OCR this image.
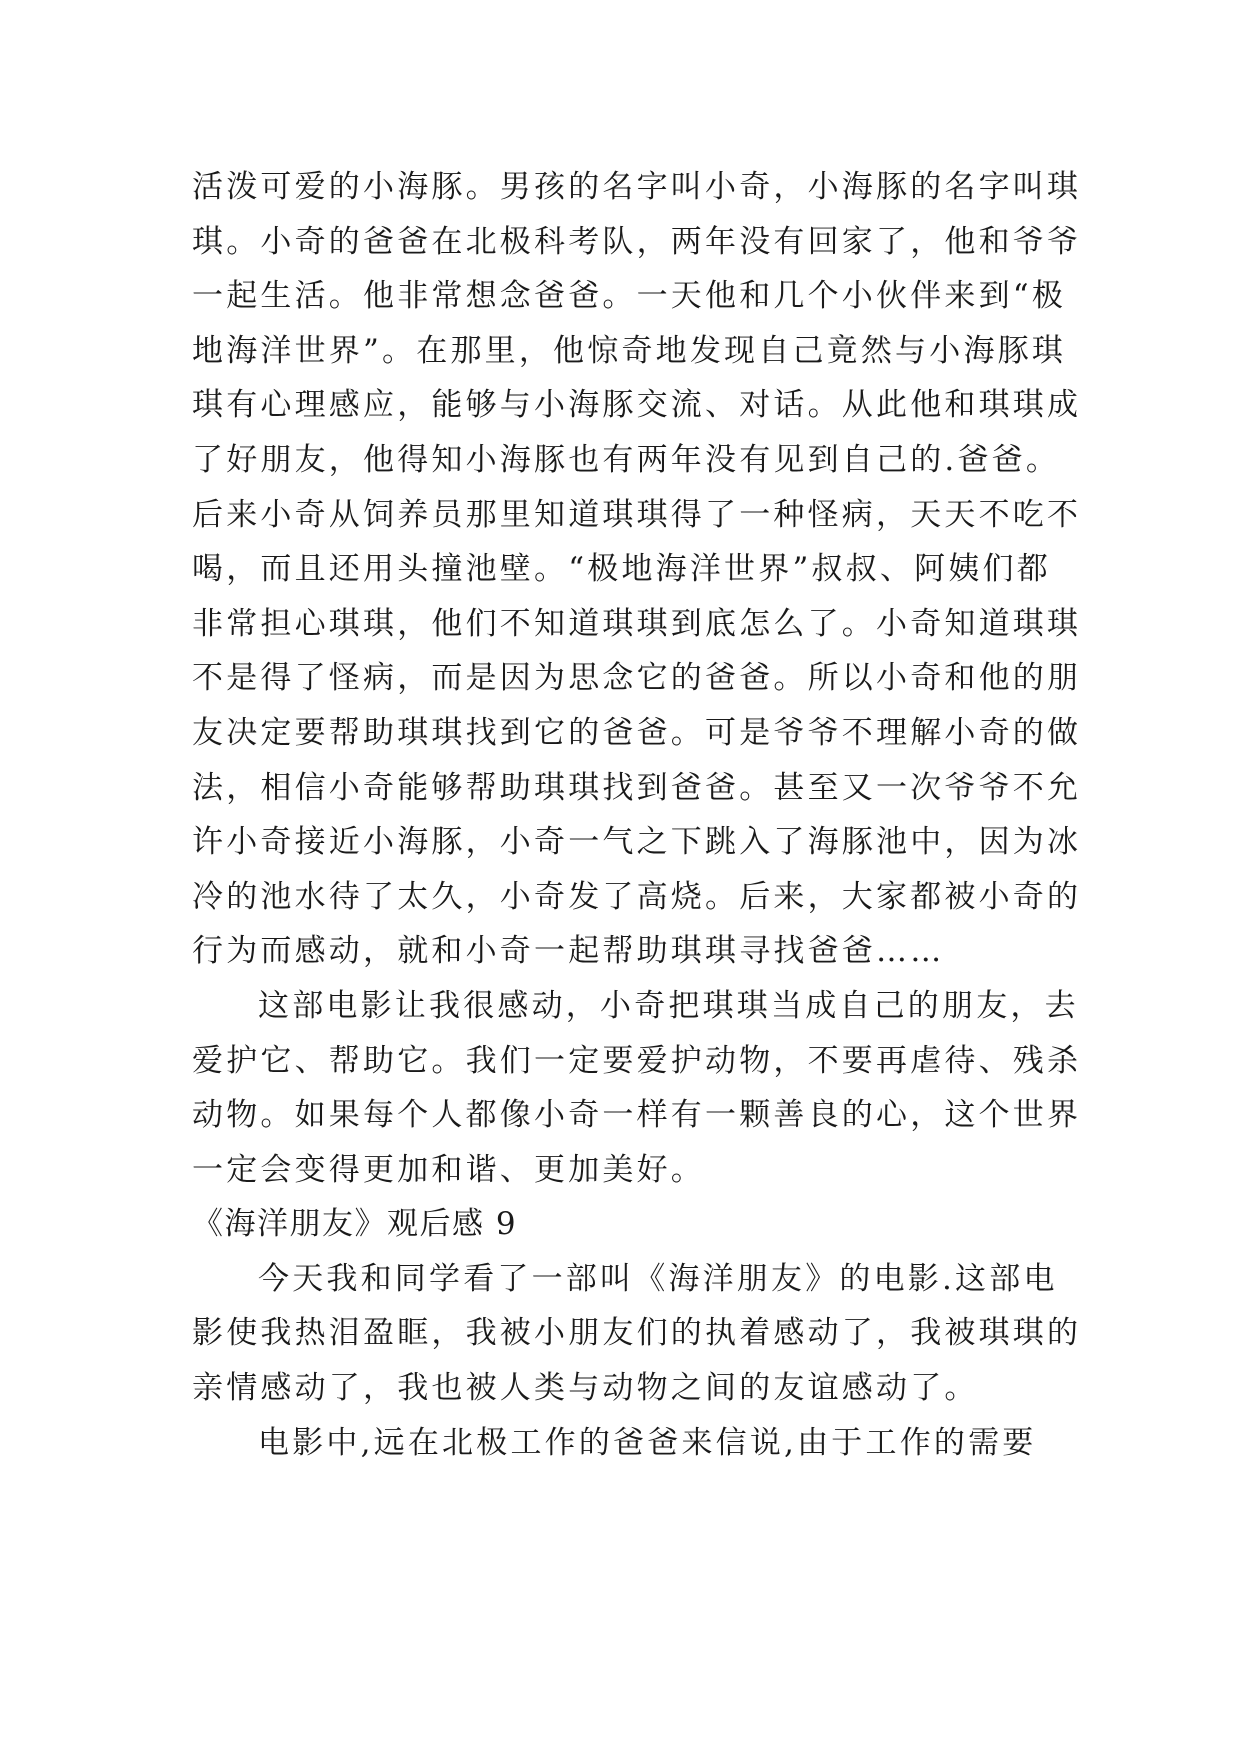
活泼可爱的小海豚。男孩的名字叫小奇，小海豚的名字叫琪
琪。小奇的爸爸在北极科考队，两年没有回家了，他和爷爷
一起生活。他非常想念爸爸。一天他和几个小伙伴来到“极
地海洋世界”。在那里，他惊奇地发现自己竟然与小海豚琪
琪有心理感应，能够与小海豚交流、对话。从此他和琪琪成
了好朋友，他得知小海豚也有两年没有见到自己的.爸爸。
后来小奇从饲养员那里知道琪琪得了一种怪病，天天不吃不
喝，而且还用头撞池壁。“极地海洋世界”叔叔、阿姨们都
非常担心琪琪，他们不知道琪琪到底怎么了。小奇知道琪琪
不是得了怪病，而是因为思念它的爸爸。所以小奇和他的朋
友决定要帮助琪琪找到它的爸爸。可是爷爷不理解小奇的做
法，相信小奇能够帮助琪琪找到爸爸。甚至又一次爷爷不允
许小奇接近小海豚，小奇一气之下跳入了海豚池中，因为冰
冷的池水待了太久，小奇发了高烧。后来，大家都被小奇的
行为而感动，就和小奇一起帮助琪琪寻找爸爸……
这部电影让我很感动，小奇把琪琪当成自己的朋友，去
爱护它、帮助它。我们一定要爱护动物，不要再虐待、残杀
动物。如果每个人都像小奇一样有一颗善良的心，这个世界
一定会变得更加和谐、更加美好。
《海洋朋友》观后感 9
今天我和同学看了一部叫《海洋朋友》的电影.这部电
影使我热泪盈眶，我被小朋友们的执着感动了，我被琪琪的
亲情感动了，我也被人类与动物之间的友谊感动了。
电影中,远在北极工作的爸爸来信说,由于工作的需要
